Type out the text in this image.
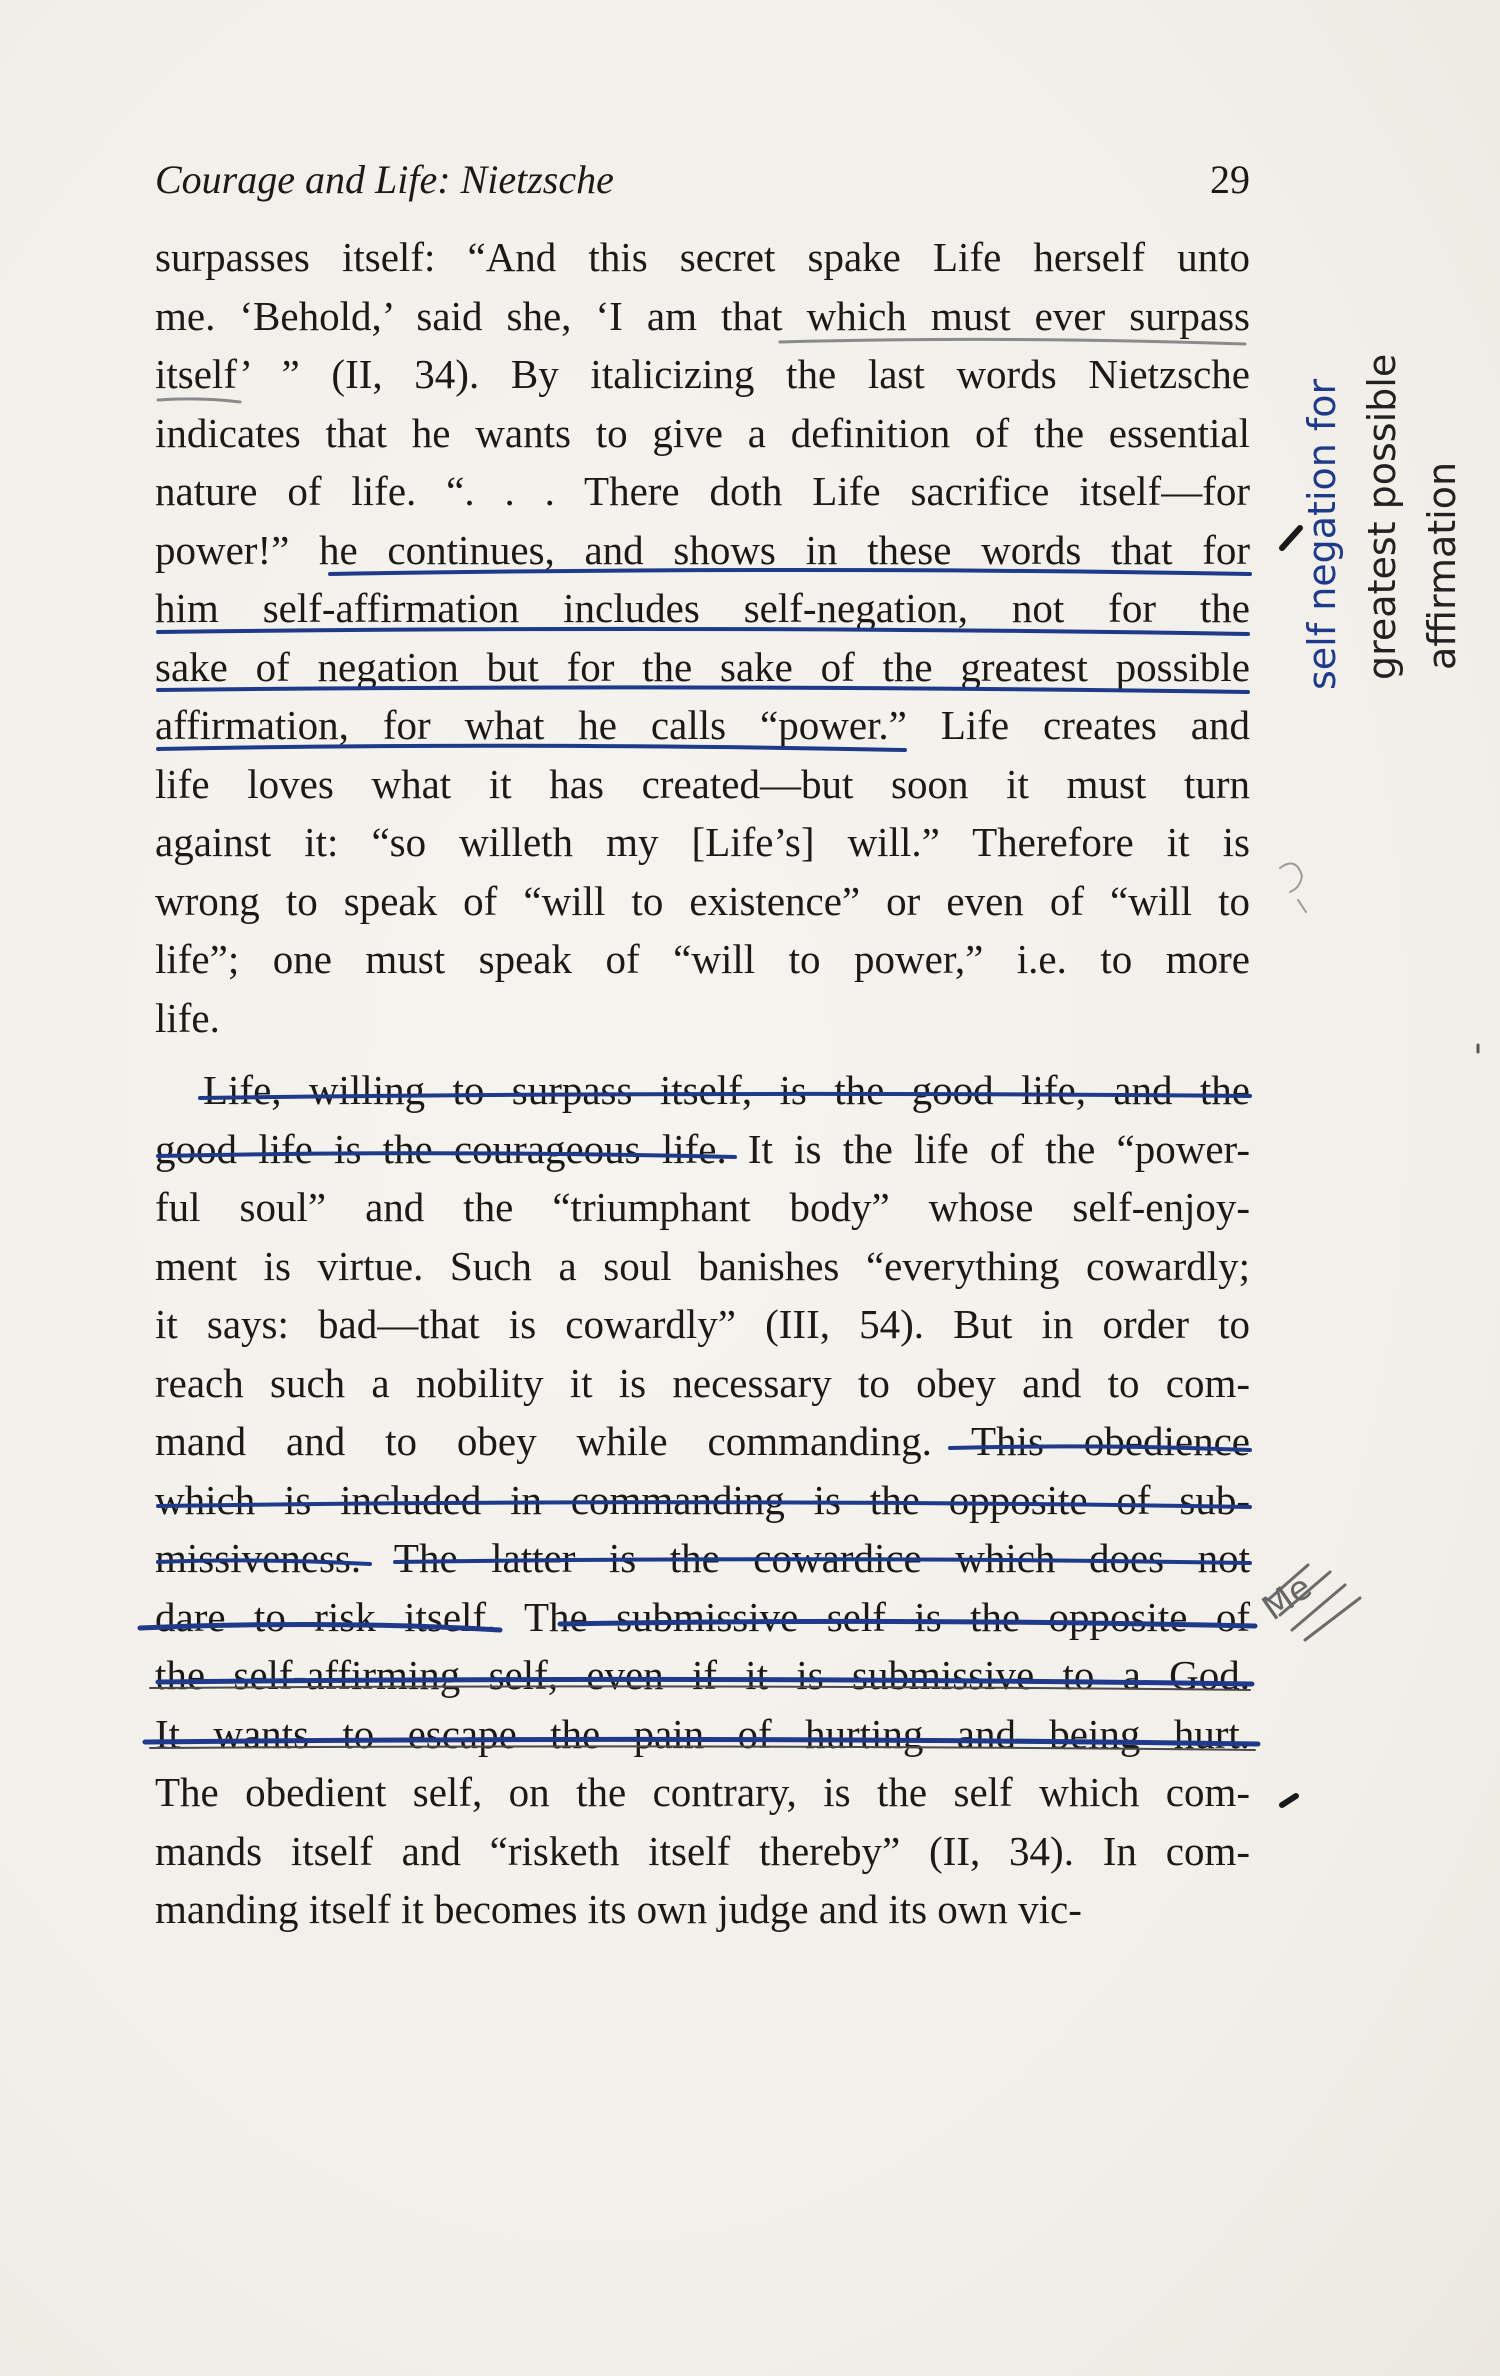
Courage and Life: Nietzsche	29
surpasses itself: “And this secret spake Life herself unto
me. ‘Behold,’ said she, ‘I am that which must ever surpass
itself’ ” (II, 34). By italicizing the last words Nietzsche
indicates that he wants to give a definition of the essential
nature of life. “. . . There doth Life sacrifice itself—for
power!” he continues, and shows in these words that for
him self-affirmation includes self-negation, not for the
sake of negation but for the sake of the greatest possible
affirmation, for what he calls “power.” Life creates and
life loves what it has created—but soon it must turn
against it: “so willeth my [Life’s] will.” Therefore it is
wrong to speak of “will to existence” or even of “will to
life”; one must speak of “will to power,” i.e. to more
life.
Life, willing to surpass itself, is the good life, and the
good life is the courageous life. It is the life of the “power-
ful soul” and the “triumphant body” whose self-enjoy-
ment is virtue. Such a soul banishes “everything cowardly;
it says: bad—that is cowardly” (III, 54). But in order to
reach such a nobility it is necessary to obey and to com-
mand and to obey while commanding. This obedience
which is included in commanding is the opposite of sub-
missiveness. The latter is the cowardice which does not
dare to risk itself. The submissive self is the opposite of
the self-affirming self, even if it is submissive to a God.
It wants to escape the pain of hurting and being hurt.
The obedient self, on the contrary, is the self which com-
mands itself and “risketh itself thereby” (II, 34). In com-
manding itself it becomes its own judge and its own vic-
self negation for greatest possible affirmation
Me
